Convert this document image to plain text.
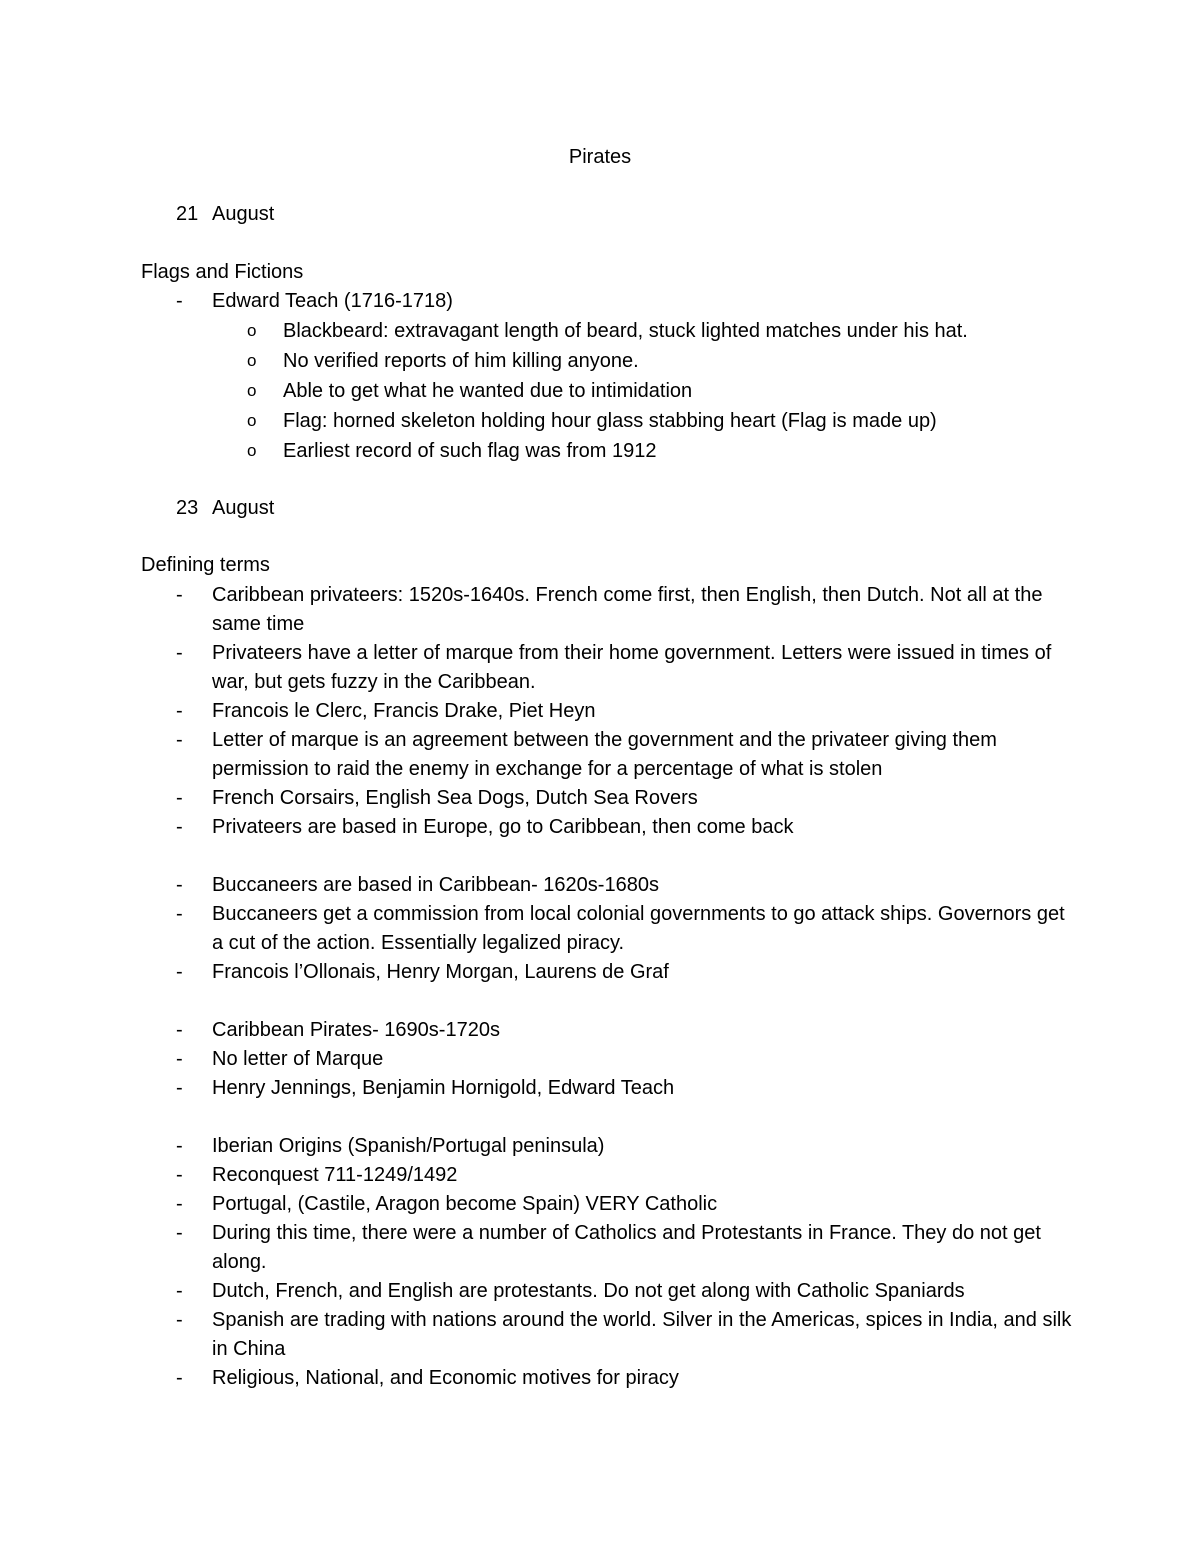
Pirates
21 August
Flags and Fictions
- Edward Teach (1716-1718)
o Blackbeard: extravagant length of beard, stuck lighted matches under his hat.
o No verified reports of him killing anyone.
o Able to get what he wanted due to intimidation
o Flag: horned skeleton holding hour glass stabbing heart (Flag is made up)
o Earliest record of such flag was from 1912
23 August
Defining terms
- Caribbean privateers: 1520s-1640s. French come first, then English, then Dutch. Not all at the same time
- Privateers have a letter of marque from their home government. Letters were issued in times of war, but gets fuzzy in the Caribbean.
- Francois le Clerc, Francis Drake, Piet Heyn
- Letter of marque is an agreement between the government and the privateer giving them permission to raid the enemy in exchange for a percentage of what is stolen
- French Corsairs, English Sea Dogs, Dutch Sea Rovers
- Privateers are based in Europe, go to Caribbean, then come back
- Buccaneers are based in Caribbean- 1620s-1680s
- Buccaneers get a commission from local colonial governments to go attack ships. Governors get a cut of the action. Essentially legalized piracy.
- Francois l’Ollonais, Henry Morgan, Laurens de Graf
- Caribbean Pirates- 1690s-1720s
- No letter of Marque
- Henry Jennings, Benjamin Hornigold, Edward Teach
- Iberian Origins (Spanish/Portugal peninsula)
- Reconquest 711-1249/1492
- Portugal, (Castile, Aragon become Spain) VERY Catholic
- During this time, there were a number of Catholics and Protestants in France. They do not get along.
- Dutch, French, and English are protestants. Do not get along with Catholic Spaniards
- Spanish are trading with nations around the world. Silver in the Americas, spices in India, and silk in China
- Religious, National, and Economic motives for piracy
